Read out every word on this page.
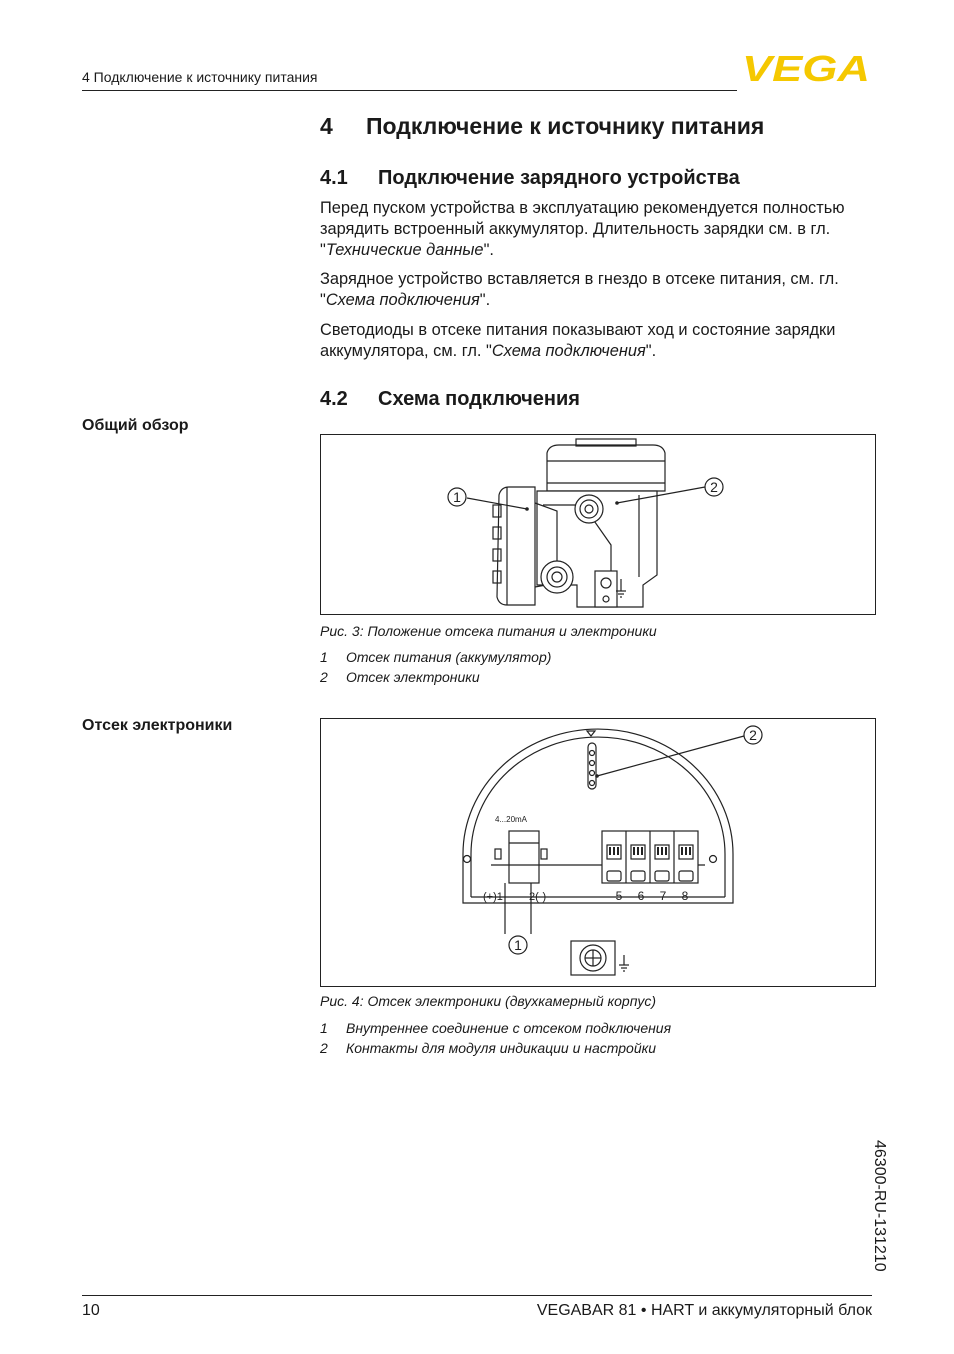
4 Подключение к источнику питания	VEGA
4 Подключение к источнику питания
4.1 Подключение зарядного устройства
Перед пуском устройства в эксплуатацию рекомендуется полностью зарядить встроенный аккумулятор. Длительность зарядки см. в гл. "Технические данные".
Зарядное устройство вставляется в гнездо в отсеке питания, см. гл. "Схема подключения".
Светодиоды в отсеке питания показывают ход и состояние зарядки аккумулятора, см. гл. "Схема подключения".
4.2 Схема подключения
Общий обзор
1
2
Рис. 3: Положение отсека питания и электроники
1 Отсек питания (аккумулятор)
2 Отсек электроники
Отсек электроники
4...20mA
(+)1 2(-)	5 6 7 8
1
2
Рис. 4: Отсек электроники (двухкамерный корпус)
1 Внутреннее соединение с отсеком подключения
2 Контакты для модуля индикации и настройки
46300-RU-131210
10	VEGABAR 81 • HART и аккумуляторный блок
